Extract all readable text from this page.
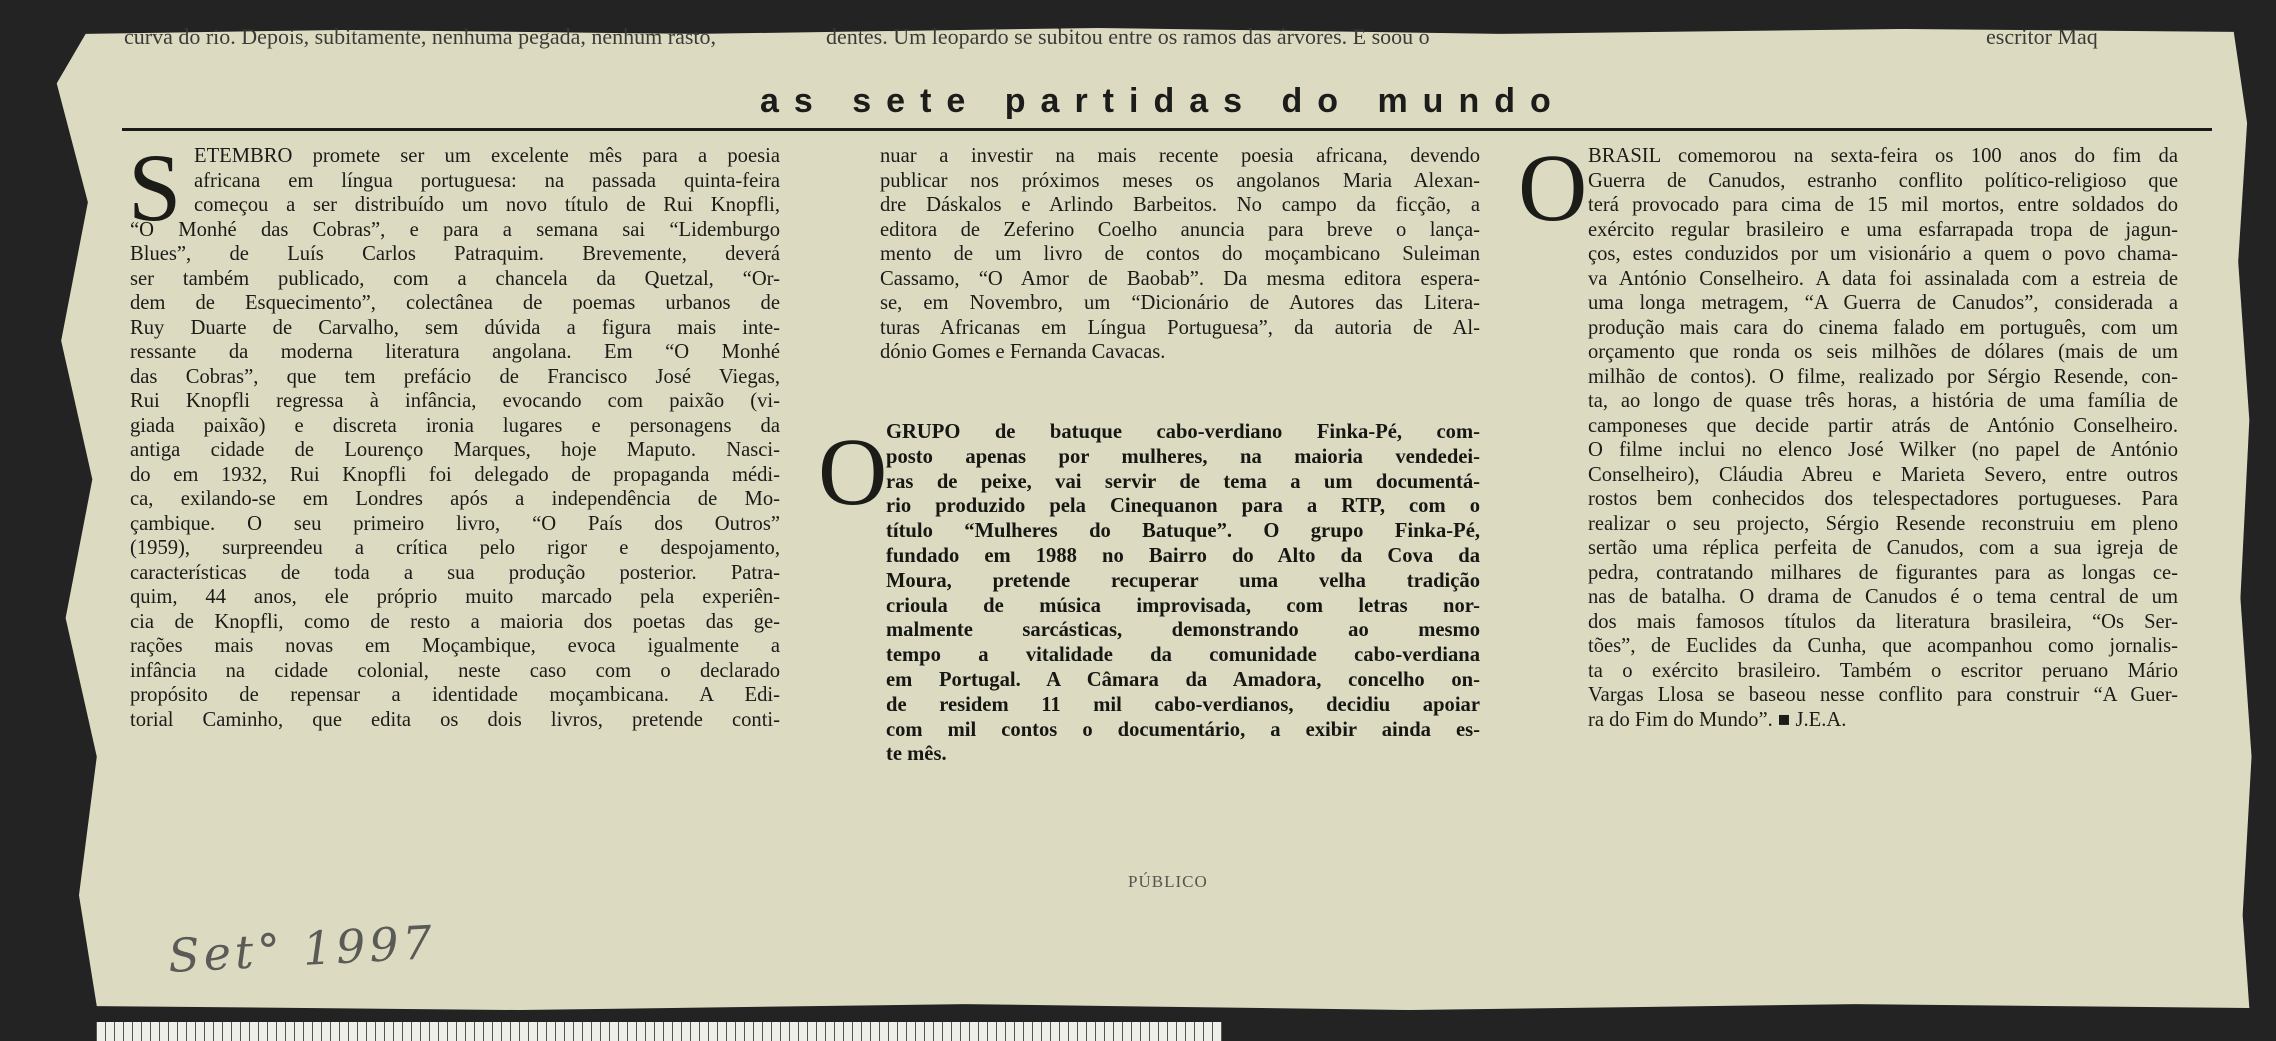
curva do rio. Depois, subitamente, nenhuma pegada, nenhum rasto,	dentes. Um leopardo se subitou entre os ramos das árvores. E soou o	escritor Maq
as sete partidas do mundo
S ETEMBRO promete ser um excelente mês para a poesia
africana em língua portuguesa: na passada quinta-feira
começou a ser distribuído um novo título de Rui Knopfli,
“O Monhé das Cobras”, e para a semana sai “Lidemburgo
Blues”, de Luís Carlos Patraquim. Brevemente, deverá
ser também publicado, com a chancela da Quetzal, “Or-
dem de Esquecimento”, colectânea de poemas urbanos de
Ruy Duarte de Carvalho, sem dúvida a figura mais inte-
ressante da moderna literatura angolana. Em “O Monhé
das Cobras”, que tem prefácio de Francisco José Viegas,
Rui Knopfli regressa à infância, evocando com paixão (vi-
giada paixão) e discreta ironia lugares e personagens da
antiga cidade de Lourenço Marques, hoje Maputo. Nasci-
do em 1932, Rui Knopfli foi delegado de propaganda médi-
ca, exilando-se em Londres após a independência de Mo-
çambique. O seu primeiro livro, “O País dos Outros”
(1959), surpreendeu a crítica pelo rigor e despojamento,
características de toda a sua produção posterior. Patra-
quim, 44 anos, ele próprio muito marcado pela experiên-
cia de Knopfli, como de resto a maioria dos poetas das ge-
rações mais novas em Moçambique, evoca igualmente a
infância na cidade colonial, neste caso com o declarado
propósito de repensar a identidade moçambicana. A Edi-
torial Caminho, que edita os dois livros, pretende conti-
nuar a investir na mais recente poesia africana, devendo
publicar nos próximos meses os angolanos Maria Alexan-
dre Dáskalos e Arlindo Barbeitos. No campo da ficção, a
editora de Zeferino Coelho anuncia para breve o lança-
mento de um livro de contos do moçambicano Suleiman
Cassamo, “O Amor de Baobab”. Da mesma editora espera-
se, em Novembro, um “Dicionário de Autores das Litera-
turas Africanas em Língua Portuguesa”, da autoria de Al-
dónio Gomes e Fernanda Cavacas.
O
GRUPO de batuque cabo-verdiano Finka-Pé, com-
posto apenas por mulheres, na maioria vendedei-
ras de peixe, vai servir de tema a um documentá-
rio produzido pela Cinequanon para a RTP, com o
título “Mulheres do Batuque”. O grupo Finka-Pé,
fundado em 1988 no Bairro do Alto da Cova da
Moura, pretende recuperar uma velha tradição
crioula de música improvisada, com letras nor-
malmente sarcásticas, demonstrando ao mesmo
tempo a vitalidade da comunidade cabo-verdiana
em Portugal. A Câmara da Amadora, concelho on-
de residem 11 mil cabo-verdianos, decidiu apoiar
com mil contos o documentário, a exibir ainda es-
te mês.
O BRASIL comemorou na sexta-feira os 100 anos do fim da
Guerra de Canudos, estranho conflito político-religioso que
terá provocado para cima de 15 mil mortos, entre soldados do
exército regular brasileiro e uma esfarrapada tropa de jagun-
ços, estes conduzidos por um visionário a quem o povo chama-
va António Conselheiro. A data foi assinalada com a estreia de
uma longa metragem, “A Guerra de Canudos”, considerada a
produção mais cara do cinema falado em português, com um
orçamento que ronda os seis milhões de dólares (mais de um
milhão de contos). O filme, realizado por Sérgio Resende, con-
ta, ao longo de quase três horas, a história de uma família de
camponeses que decide partir atrás de António Conselheiro.
O filme inclui no elenco José Wilker (no papel de António
Conselheiro), Cláudia Abreu e Marieta Severo, entre outros
rostos bem conhecidos dos telespectadores portugueses. Para
realizar o seu projecto, Sérgio Resende reconstruiu em pleno
sertão uma réplica perfeita de Canudos, com a sua igreja de
pedra, contratando milhares de figurantes para as longas ce-
nas de batalha. O drama de Canudos é o tema central de um
dos mais famosos títulos da literatura brasileira, “Os Ser-
tões”, de Euclides da Cunha, que acompanhou como jornalis-
ta o exército brasileiro. Também o escritor peruano Mário
Vargas Llosa se baseou nesse conflito para construir “A Guer-
ra do Fim do Mundo”. ■ J.E.A.
PÚBLICO
Set° 1997
